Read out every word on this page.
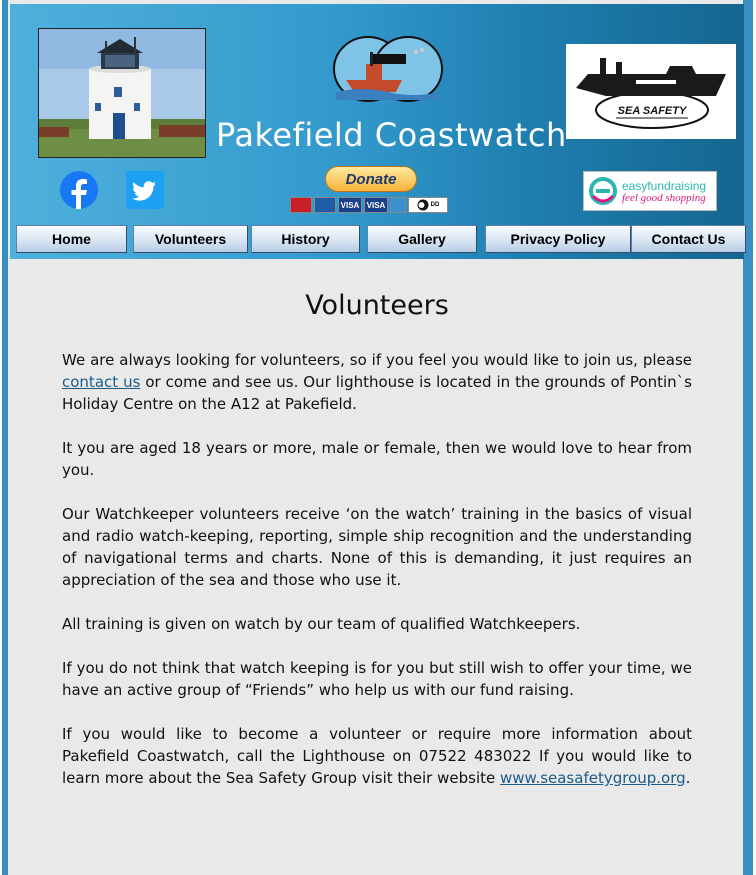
SEA SAFETY
Pakefield Coastwatch
Donate
VISA VISA	DD
easyfundraising
feel good shopping
Home	Volunteers	History	Gallery	Privacy Policy	Contact Us
Volunteers

We are always looking for volunteers, so if you feel you would like to join us, please contact us or come and see us. Our lighthouse is located in the grounds of Pontin`s Holiday Centre on the A12 at Pakefield.

It you are aged 18 years or more, male or female, then we would love to hear from you.

Our Watchkeeper volunteers receive ‘on the watch’ training in the basics of visual and radio watch-keeping, reporting, simple ship recognition and the understanding of navigational terms and charts. None of this is demanding, it just requires an appreciation of the sea and those who use it.

All training is given on watch by our team of qualified Watchkeepers.

If you do not think that watch keeping is for you but still wish to offer your time, we have an active group of “Friends” who help us with our fund raising.

If you would like to become a volunteer or require more information about Pakefield Coastwatch, call the Lighthouse on 07522 483022 If you would like to learn more about the Sea Safety Group visit their website www.seasafetygroup.org.
